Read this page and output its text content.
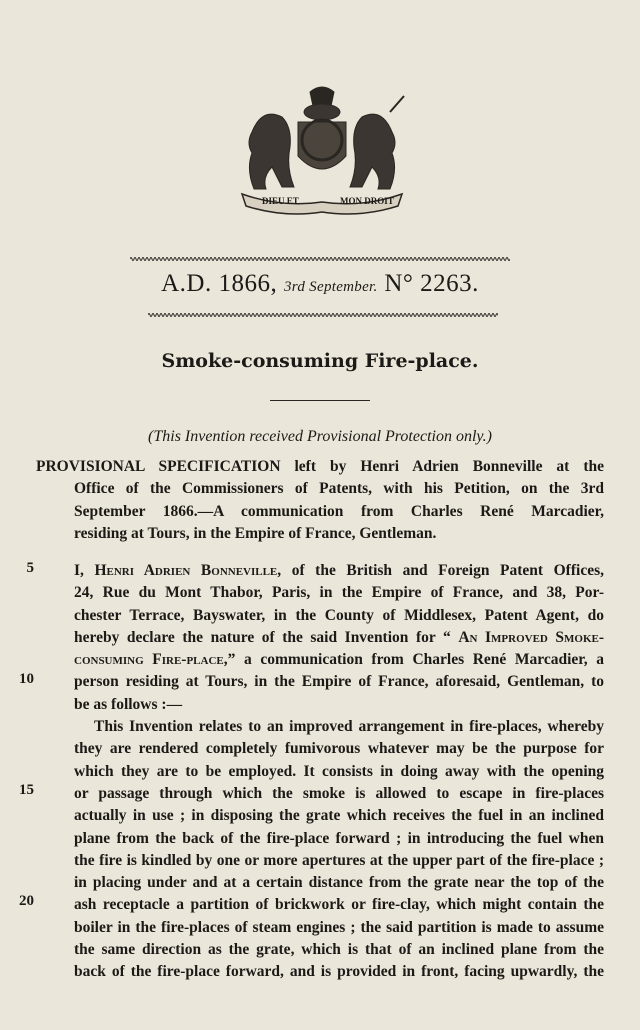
DIEU ET	MON DROIT
A.D. 1866, 3rd September. N° 2263.
Smoke-consuming Fire-place.
(This Invention received Provisional Protection only.)
PROVISIONAL SPECIFICATION left by Henri Adrien Bonneville at the
Office of the Commissioners of Patents, with his Petition, on the 3rd
September 1866.—A communication from Charles René Marcadier,
residing at Tours, in the Empire of France, Gentleman.
I, Henri Adrien Bonneville, of the British and Foreign Patent Offices,
24, Rue du Mont Thabor, Paris, in the Empire of France, and 38, Por-
chester Terrace, Bayswater, in the County of Middlesex, Patent Agent, do
hereby declare the nature of the said Invention for “ An Improved Smoke-
consuming Fire-place,” a communication from Charles René Marcadier, a
person residing at Tours, in the Empire of France, aforesaid, Gentleman, to
be as follows :—
This Invention relates to an improved arrangement in fire-places, whereby
they are rendered completely fumivorous whatever may be the purpose for
which they are to be employed. It consists in doing away with the opening
or passage through which the smoke is allowed to escape in fire-places
actually in use ; in disposing the grate which receives the fuel in an inclined
plane from the back of the fire-place forward ; in introducing the fuel when
the fire is kindled by one or more apertures at the upper part of the fire-place ;
in placing under and at a certain distance from the grate near the top of the
ash receptacle a partition of brickwork or fire-clay, which might contain the
boiler in the fire-places of steam engines ; the said partition is made to assume
the same direction as the grate, which is that of an inclined plane from the
back of the fire-place forward, and is provided in front, facing upwardly, the
5
10
15
20
